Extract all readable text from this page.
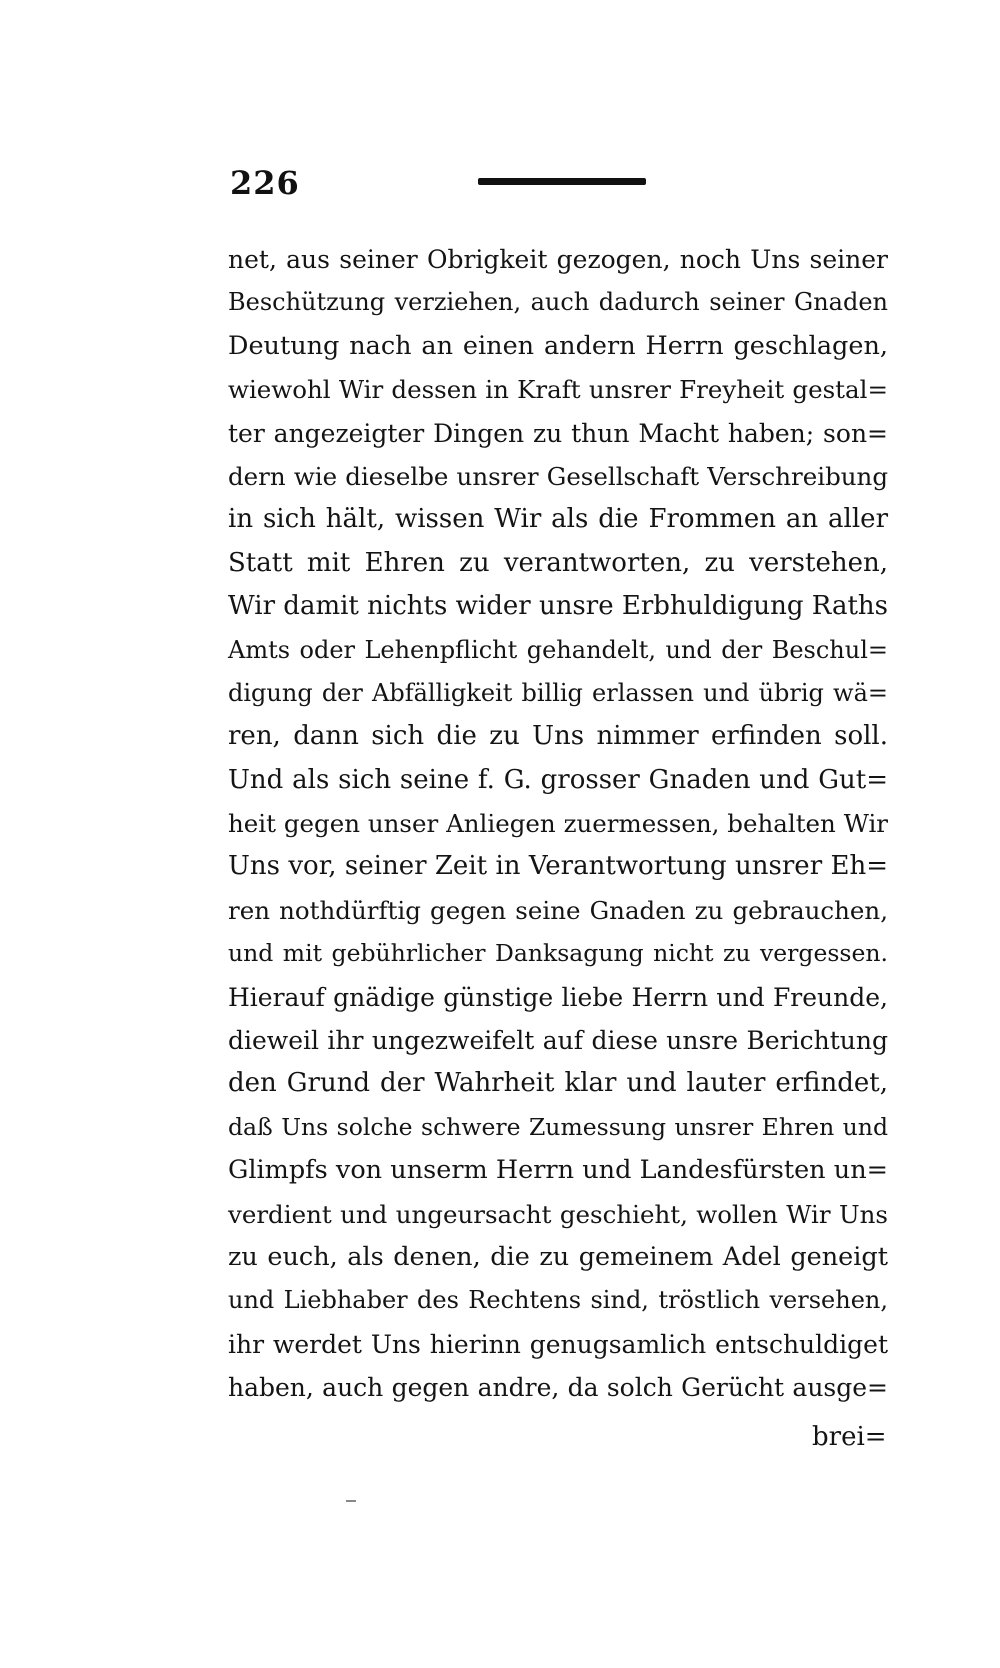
226
net, aus seiner Obrigkeit gezogen, noch Uns seiner
Beschützung verziehen, auch dadurch seiner Gnaden
Deutung nach an einen andern Herrn geschlagen,
wiewohl Wir dessen in Kraft unsrer Freyheit gestal=
ter angezeigter Dingen zu thun Macht haben; son=
dern wie dieselbe unsrer Gesellschaft Verschreibung
in sich hält, wissen Wir als die Frommen an aller
Statt mit Ehren zu verantworten, zu verstehen,
Wir damit nichts wider unsre Erbhuldigung Raths
Amts oder Lehenpflicht gehandelt, und der Beschul=
digung der Abfälligkeit billig erlassen und übrig wä=
ren, dann sich die zu Uns nimmer erfinden soll.
Und als sich seine f. G. grosser Gnaden und Gut=
heit gegen unser Anliegen zuermessen, behalten Wir
Uns vor, seiner Zeit in Verantwortung unsrer Eh=
ren nothdürftig gegen seine Gnaden zu gebrauchen,
und mit gebührlicher Danksagung nicht zu vergessen.
Hierauf gnädige günstige liebe Herrn und Freunde,
dieweil ihr ungezweifelt auf diese unsre Berichtung
den Grund der Wahrheit klar und lauter erfindet,
daß Uns solche schwere Zumessung unsrer Ehren und
Glimpfs von unserm Herrn und Landesfürsten un=
verdient und ungeursacht geschieht, wollen Wir Uns
zu euch, als denen, die zu gemeinem Adel geneigt
und Liebhaber des Rechtens sind, tröstlich versehen,
ihr werdet Uns hierinn genugsamlich entschuldiget
haben, auch gegen andre, da solch Gerücht ausge=
brei=
